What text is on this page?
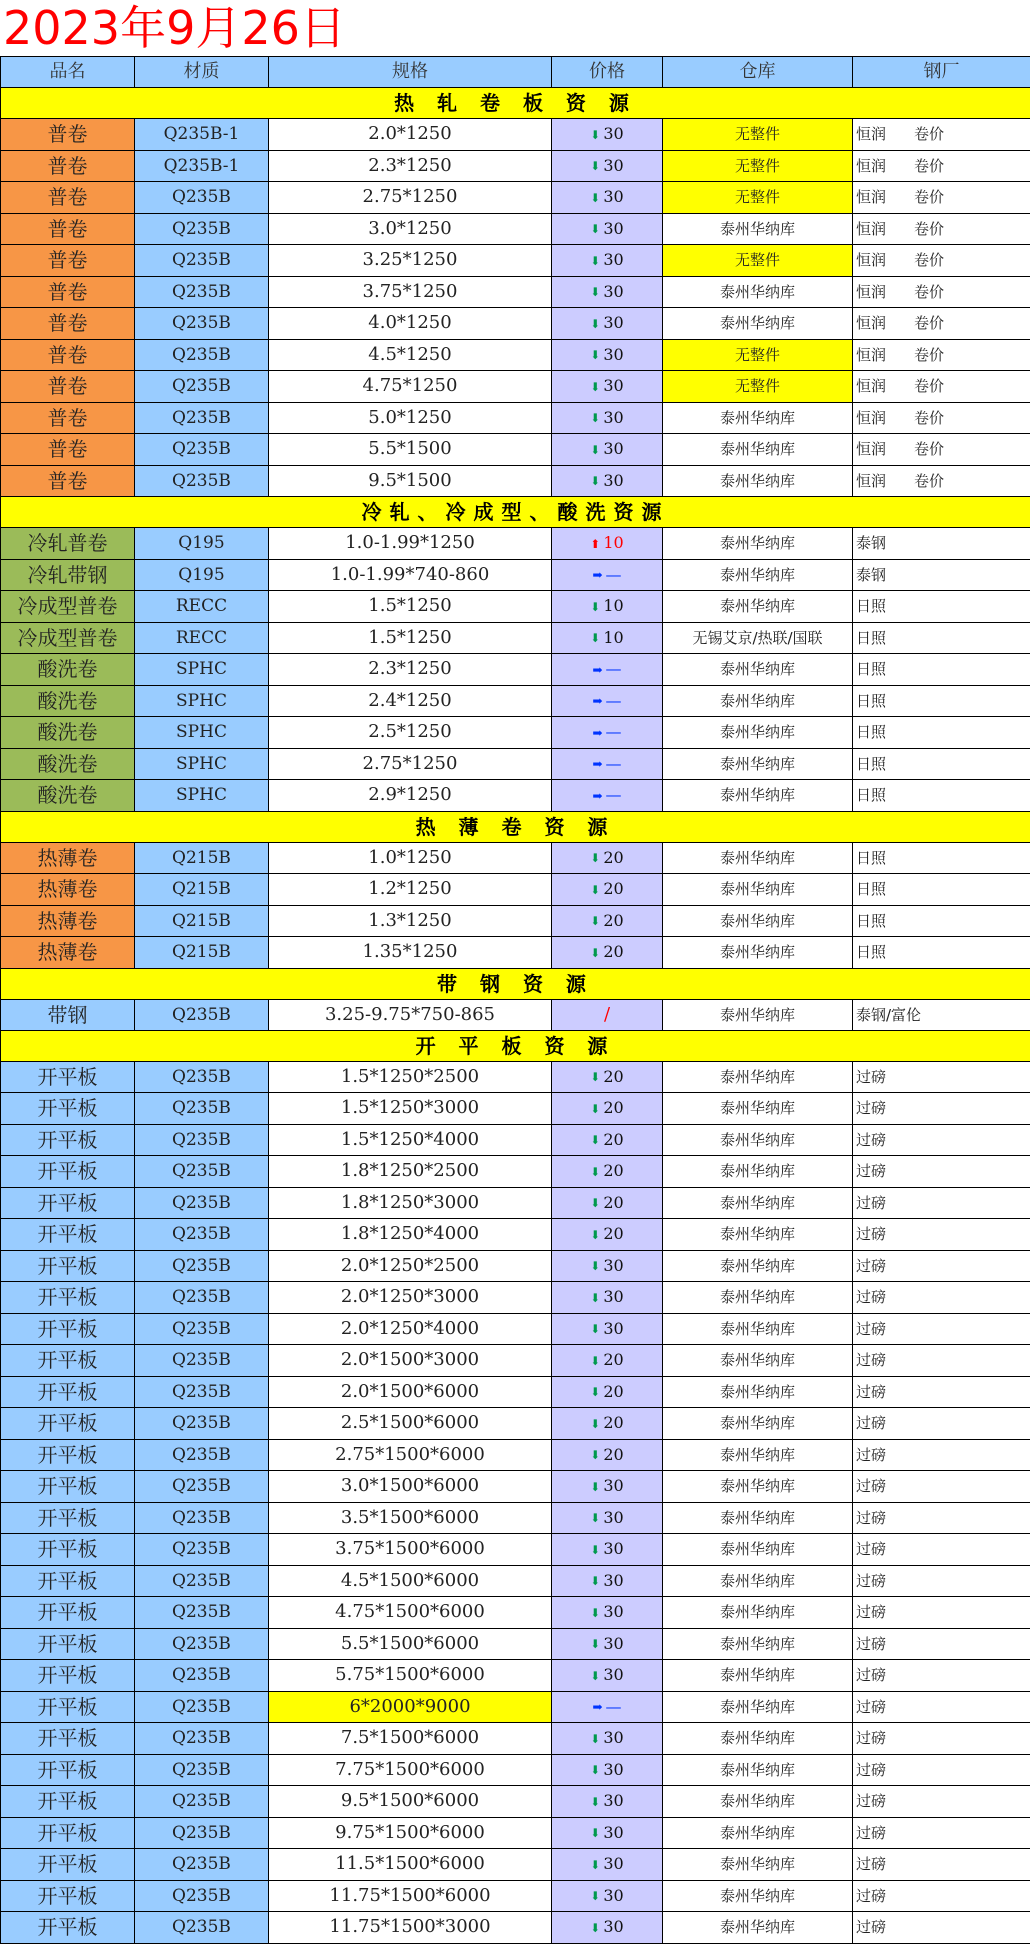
2023年9月26日
品名	材质	规格	价格	仓库	钢厂
热 轧 卷 板 资 源					
普卷	Q235B-1	2.0*1250	⬇ 30	无整件	恒润 卷价
普卷	Q235B-1	2.3*1250	⬇ 30	无整件	恒润 卷价
普卷	Q235B	2.75*1250	⬇ 30	无整件	恒润 卷价
普卷	Q235B	3.0*1250	⬇ 30	泰州华纳库	恒润 卷价
普卷	Q235B	3.25*1250	⬇ 30	无整件	恒润 卷价
普卷	Q235B	3.75*1250	⬇ 30	泰州华纳库	恒润 卷价
普卷	Q235B	4.0*1250	⬇ 30	泰州华纳库	恒润 卷价
普卷	Q235B	4.5*1250	⬇ 30	无整件	恒润 卷价
普卷	Q235B	4.75*1250	⬇ 30	无整件	恒润 卷价
普卷	Q235B	5.0*1250	⬇ 30	泰州华纳库	恒润 卷价
普卷	Q235B	5.5*1500	⬇ 30	泰州华纳库	恒润 卷价
普卷	Q235B	9.5*1500	⬇ 30	泰州华纳库	恒润 卷价
冷轧、冷成型、酸洗资源					
冷轧普卷	Q195	1.0-1.99*1250	⬆ 10	泰州华纳库	泰钢
冷轧带钢	Q195	1.0-1.99*740-860	➡ —	泰州华纳库	泰钢
冷成型普卷	RECC	1.5*1250	⬇ 10	泰州华纳库	日照
冷成型普卷	RECC	1.5*1250	⬇ 10	无锡艾京/热联/国联	日照
酸洗卷	SPHC	2.3*1250	➡ —	泰州华纳库	日照
酸洗卷	SPHC	2.4*1250	➡ —	泰州华纳库	日照
酸洗卷	SPHC	2.5*1250	➡ —	泰州华纳库	日照
酸洗卷	SPHC	2.75*1250	➡ —	泰州华纳库	日照
酸洗卷	SPHC	2.9*1250	➡ —	泰州华纳库	日照
热 薄 卷 资 源					
热薄卷	Q215B	1.0*1250	⬇ 20	泰州华纳库	日照
热薄卷	Q215B	1.2*1250	⬇ 20	泰州华纳库	日照
热薄卷	Q215B	1.3*1250	⬇ 20	泰州华纳库	日照
热薄卷	Q215B	1.35*1250	⬇ 20	泰州华纳库	日照
带 钢 资 源					
带钢	Q235B	3.25-9.75*750-865	/	泰州华纳库	泰钢/富伦
开 平 板 资 源					
开平板	Q235B	1.5*1250*2500	⬇ 20	泰州华纳库	过磅
开平板	Q235B	1.5*1250*3000	⬇ 20	泰州华纳库	过磅
开平板	Q235B	1.5*1250*4000	⬇ 20	泰州华纳库	过磅
开平板	Q235B	1.8*1250*2500	⬇ 20	泰州华纳库	过磅
开平板	Q235B	1.8*1250*3000	⬇ 20	泰州华纳库	过磅
开平板	Q235B	1.8*1250*4000	⬇ 20	泰州华纳库	过磅
开平板	Q235B	2.0*1250*2500	⬇ 30	泰州华纳库	过磅
开平板	Q235B	2.0*1250*3000	⬇ 30	泰州华纳库	过磅
开平板	Q235B	2.0*1250*4000	⬇ 30	泰州华纳库	过磅
开平板	Q235B	2.0*1500*3000	⬇ 20	泰州华纳库	过磅
开平板	Q235B	2.0*1500*6000	⬇ 20	泰州华纳库	过磅
开平板	Q235B	2.5*1500*6000	⬇ 20	泰州华纳库	过磅
开平板	Q235B	2.75*1500*6000	⬇ 20	泰州华纳库	过磅
开平板	Q235B	3.0*1500*6000	⬇ 30	泰州华纳库	过磅
开平板	Q235B	3.5*1500*6000	⬇ 30	泰州华纳库	过磅
开平板	Q235B	3.75*1500*6000	⬇ 30	泰州华纳库	过磅
开平板	Q235B	4.5*1500*6000	⬇ 30	泰州华纳库	过磅
开平板	Q235B	4.75*1500*6000	⬇ 30	泰州华纳库	过磅
开平板	Q235B	5.5*1500*6000	⬇ 30	泰州华纳库	过磅
开平板	Q235B	5.75*1500*6000	⬇ 30	泰州华纳库	过磅
开平板	Q235B	6*2000*9000	➡ —	泰州华纳库	过磅
开平板	Q235B	7.5*1500*6000	⬇ 30	泰州华纳库	过磅
开平板	Q235B	7.75*1500*6000	⬇ 30	泰州华纳库	过磅
开平板	Q235B	9.5*1500*6000	⬇ 30	泰州华纳库	过磅
开平板	Q235B	9.75*1500*6000	⬇ 30	泰州华纳库	过磅
开平板	Q235B	11.5*1500*6000	⬇ 30	泰州华纳库	过磅
开平板	Q235B	11.75*1500*6000	⬇ 30	泰州华纳库	过磅
开平板	Q235B	11.75*1500*3000	⬇ 30	泰州华纳库	过磅
